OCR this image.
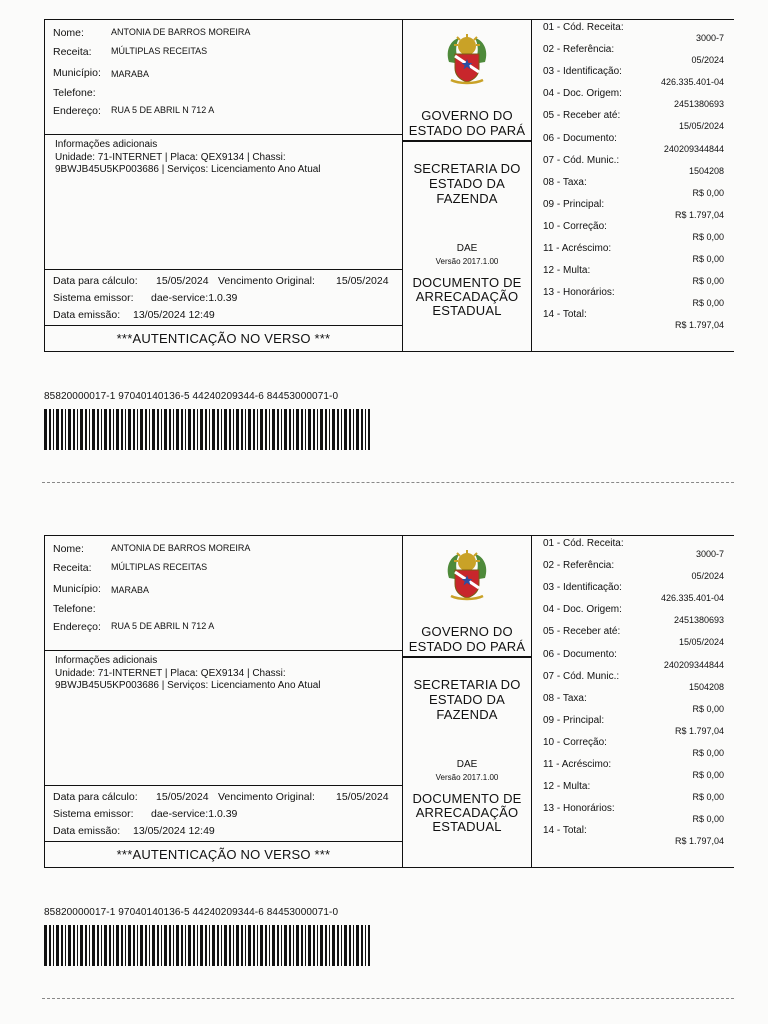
Nome:	ANTONIA DE BARROS MOREIRA
Receita: MÚLTIPLAS RECEITAS
Município: MARABA
Telefone:
Endereço: RUA 5 DE ABRIL N 712 A
Informações adicionais
Unidade: 71-INTERNET | Placa: QEX9134 | Chassi:
9BWJB45U5KP003686 | Serviços: Licenciamento Ano Atual
Data para cálculo: 15/05/2024 Vencimento Original: 15/05/2024
Sistema emissor: dae-service:1.0.39
Data emissão: 13/05/2024 12:49
***AUTENTICAÇÃO NO VERSO ***
GOVERNO DO
ESTADO DO PARÁ
SECRETARIA DO
ESTADO DA
FAZENDA
DAE
Versão 2017.1.00
DOCUMENTO DE
ARRECADAÇÃO
ESTADUAL
01 - Cód. Receita:
3000-7
02 - Referência:
05/2024
03 - Identificação:
426.335.401-04
04 - Doc. Origem:
2451380693
05 - Receber até:
15/05/2024
06 - Documento:
240209344844
07 - Cód. Munic.:
1504208
08 - Taxa:
R$ 0,00
09 - Principal:
R$ 1.797,04
10 - Correção:
R$ 0,00
11 - Acréscimo:
R$ 0,00
12 - Multa:
R$ 0,00
13 - Honorários:
R$ 0,00
14 - Total:
R$ 1.797,04
85820000017-1 97040140136-5 44240209344-6 84453000071-0
Nome:	ANTONIA DE BARROS MOREIRA
Receita: MÚLTIPLAS RECEITAS
Município: MARABA
Telefone:
Endereço: RUA 5 DE ABRIL N 712 A
Informações adicionais
Unidade: 71-INTERNET | Placa: QEX9134 | Chassi:
9BWJB45U5KP003686 | Serviços: Licenciamento Ano Atual
Data para cálculo: 15/05/2024 Vencimento Original: 15/05/2024
Sistema emissor: dae-service:1.0.39
Data emissão: 13/05/2024 12:49
***AUTENTICAÇÃO NO VERSO ***
GOVERNO DO
ESTADO DO PARÁ
SECRETARIA DO
ESTADO DA
FAZENDA
DAE
Versão 2017.1.00
DOCUMENTO DE
ARRECADAÇÃO
ESTADUAL
01 - Cód. Receita:
3000-7
02 - Referência:
05/2024
03 - Identificação:
426.335.401-04
04 - Doc. Origem:
2451380693
05 - Receber até:
15/05/2024
06 - Documento:
240209344844
07 - Cód. Munic.:
1504208
08 - Taxa:
R$ 0,00
09 - Principal:
R$ 1.797,04
10 - Correção:
R$ 0,00
11 - Acréscimo:
R$ 0,00
12 - Multa:
R$ 0,00
13 - Honorários:
R$ 0,00
14 - Total:
R$ 1.797,04
85820000017-1 97040140136-5 44240209344-6 84453000071-0
